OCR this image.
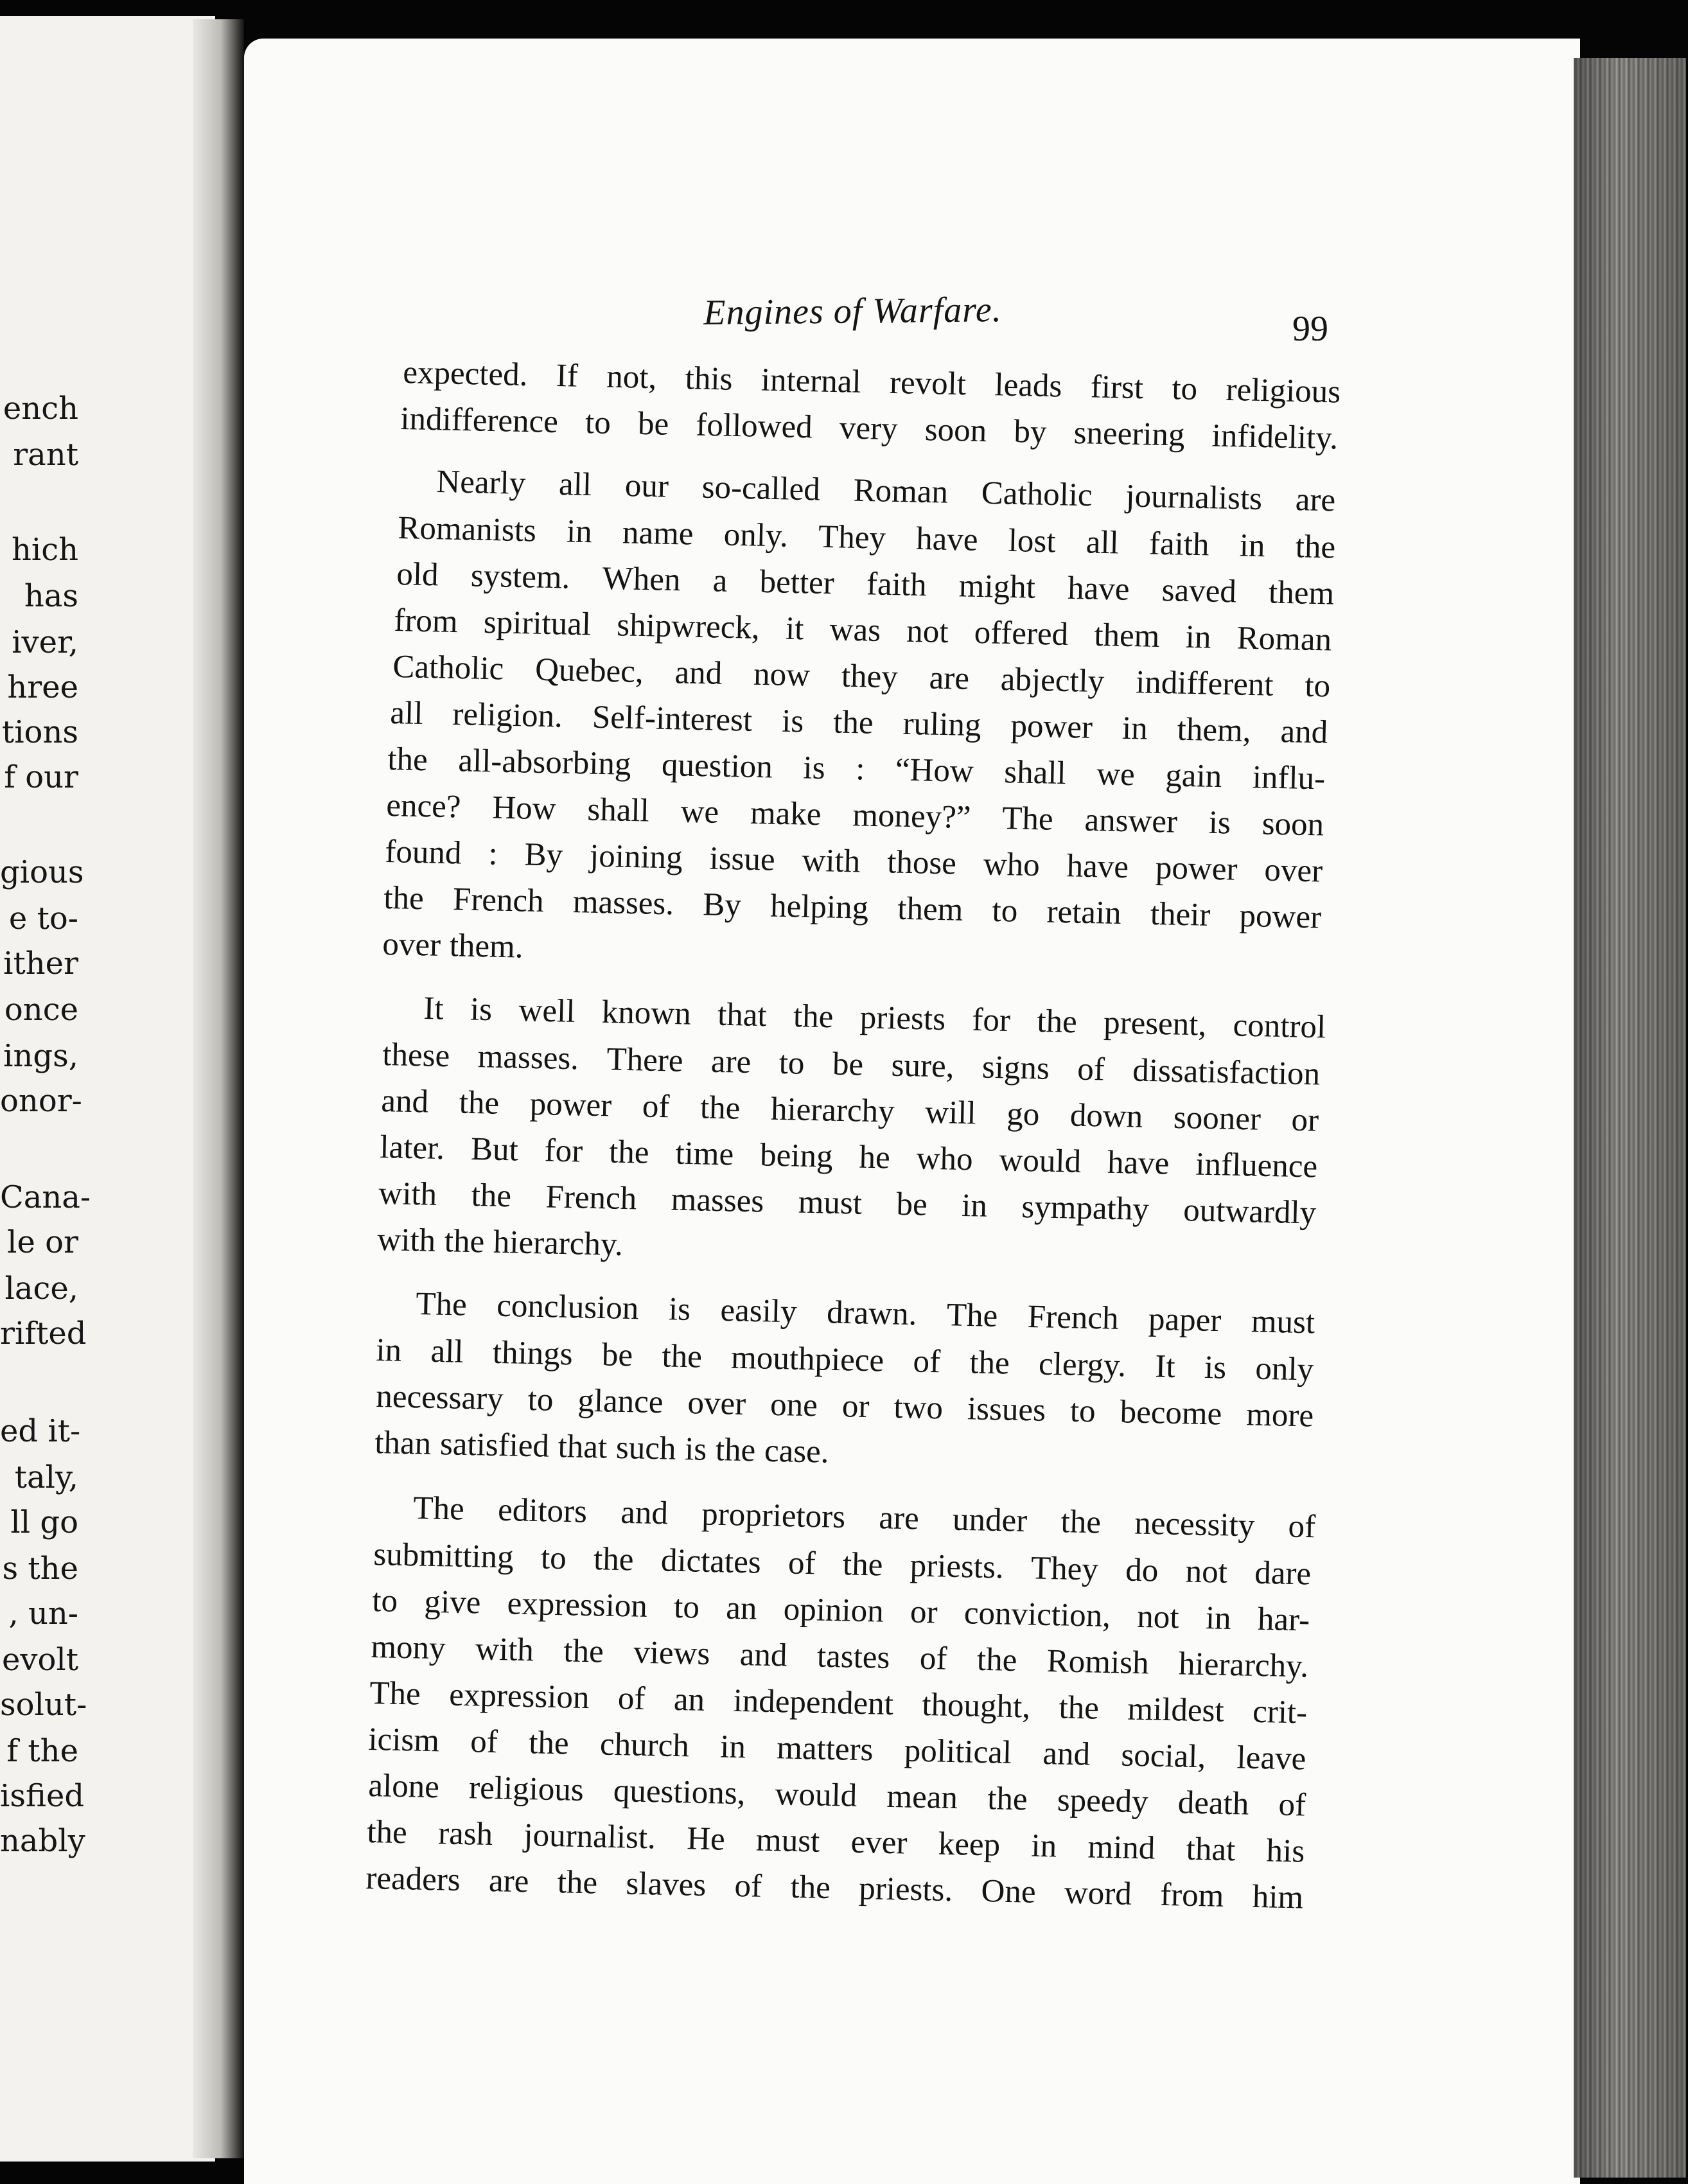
ench
rant
hich
has
iver,
hree
tions
f our
gious
e to-
ither
once
ings,
onor-
Cana-
le or
lace,
rifted
ed it-
taly,
ll go
s the
, un-
evolt
solut-
f the
isfied
nably
Engines of Warfare.	99
expected. If not, this internal revolt leads first to religious
indifference to be followed very soon by sneering infidelity.
Nearly all our so-called Roman Catholic journalists are
Romanists in name only. They have lost all faith in the
old system. When a better faith might have saved them
from spiritual shipwreck, it was not offered them in Roman
Catholic Quebec, and now they are abjectly indifferent to
all religion. Self-interest is the ruling power in them, and
the all-absorbing question is : “How shall we gain influ-
ence? How shall we make money?” The answer is soon
found : By joining issue with those who have power over
the French masses. By helping them to retain their power
over them.
It is well known that the priests for the present, control
these masses. There are to be sure, signs of dissatisfaction
and the power of the hierarchy will go down sooner or
later. But for the time being he who would have influence
with the French masses must be in sympathy outwardly
with the hierarchy.
The conclusion is easily drawn. The French paper must
in all things be the mouthpiece of the clergy. It is only
necessary to glance over one or two issues to become more
than satisfied that such is the case.
The editors and proprietors are under the necessity of
submitting to the dictates of the priests. They do not dare
to give expression to an opinion or conviction, not in har-
mony with the views and tastes of the Romish hierarchy.
The expression of an independent thought, the mildest crit-
icism of the church in matters political and social, leave
alone religious questions, would mean the speedy death of
the rash journalist. He must ever keep in mind that his
readers are the slaves of the priests. One word from him
